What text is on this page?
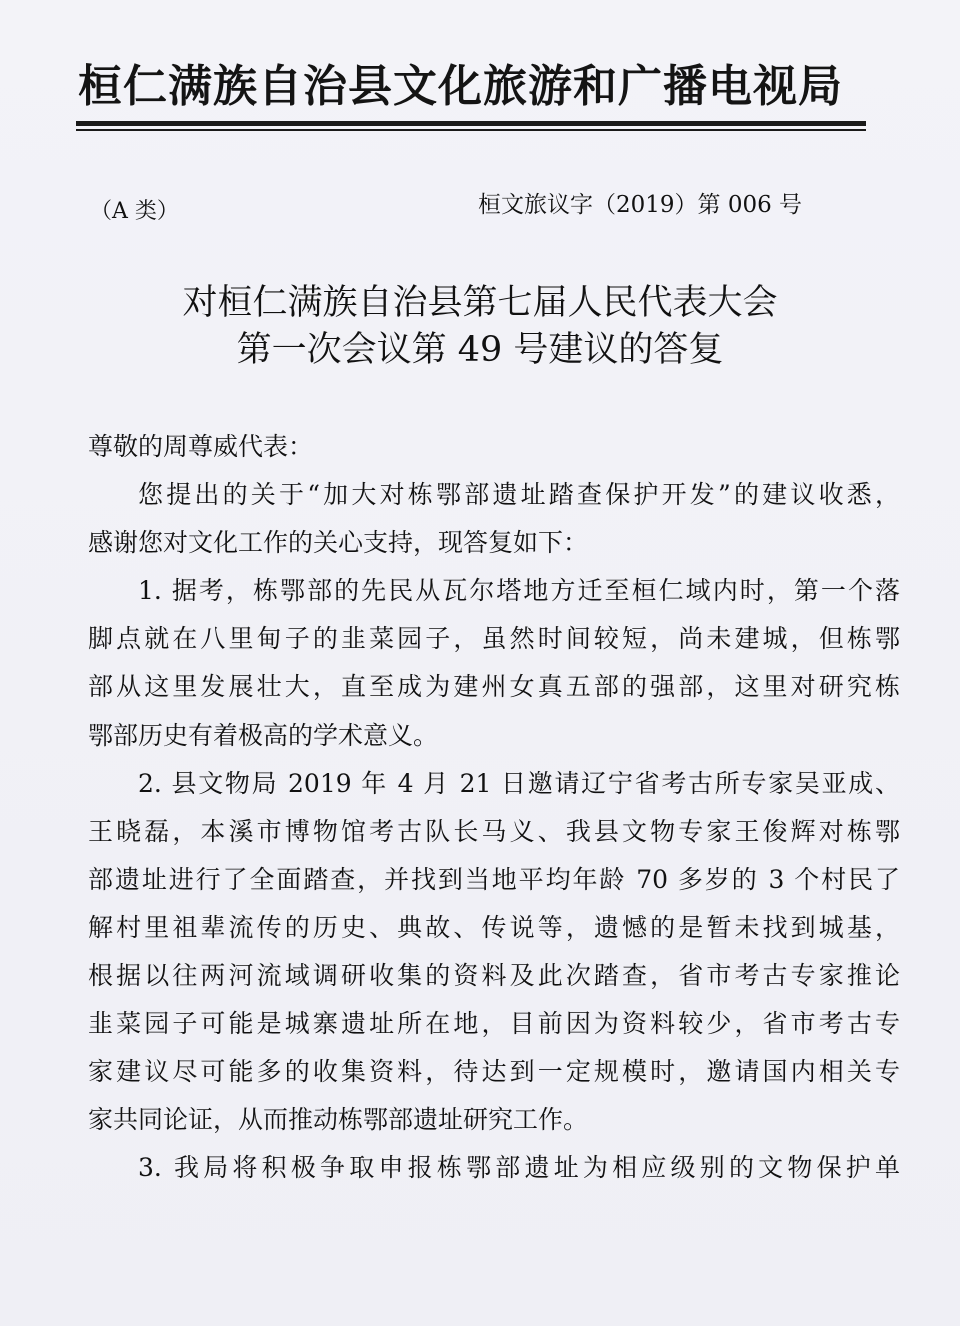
桓仁满族自治县文化旅游和广播电视局
（A 类）	桓文旅议字（2019）第 006 号
对桓仁满族自治县第七届人民代表大会
第一次会议第 49 号建议的答复
尊敬的周尊威代表：
您提出的关于“加大对栋鄂部遗址踏查保护开发”的建议收悉，
感谢您对文化工作的关心支持，现答复如下：
1. 据考，栋鄂部的先民从瓦尔塔地方迁至桓仁域内时，第一个落
脚点就在八里甸子的韭菜园子，虽然时间较短，尚未建城，但栋鄂
部从这里发展壮大，直至成为建州女真五部的强部，这里对研究栋
鄂部历史有着极高的学术意义。
2. 县文物局 2019 年 4 月 21 日邀请辽宁省考古所专家吴亚成、
王晓磊，本溪市博物馆考古队长马义、我县文物专家王俊辉对栋鄂
部遗址进行了全面踏查，并找到当地平均年龄 70 多岁的 3 个村民了
解村里祖辈流传的历史、典故、传说等，遗憾的是暂未找到城基，
根据以往两河流域调研收集的资料及此次踏查，省市考古专家推论
韭菜园子可能是城寨遗址所在地，目前因为资料较少，省市考古专
家建议尽可能多的收集资料，待达到一定规模时，邀请国内相关专
家共同论证，从而推动栋鄂部遗址研究工作。
3. 我局将积极争取申报栋鄂部遗址为相应级别的文物保护单
